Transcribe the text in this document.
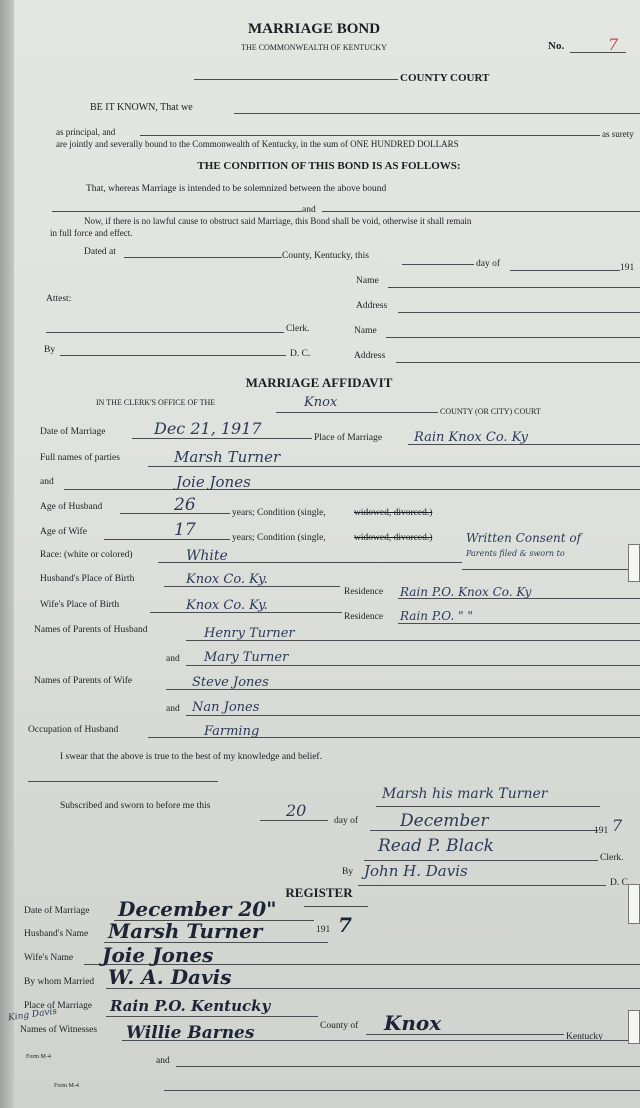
MARRIAGE BOND
THE COMMONWEALTH OF KENTUCKY	No.	7
COUNTY COURT
BE IT KNOWN, That we
as principal, and	as surety
are jointly and severally bound to the Commonwealth of Kentucky, in the sum of ONE HUNDRED DOLLARS
THE CONDITION OF THIS BOND IS AS FOLLOWS:
That, whereas Marriage is intended to be solemnized between the above bound
and
Now, if there is no lawful cause to obstruct said Marriage, this Bond shall be void, otherwise it shall remain
in full force and effect.
Dated at	County, Kentucky, this
day of	191
Name
Attest:
Address
Clerk.	Name
By	D. C.	Address
MARRIAGE AFFIDAVIT
IN THE CLERK'S OFFICE OF THE	Knox
COUNTY (OR CITY) COURT
Date of Marriage	Dec 21, 1917	Place of Marriage Rain Knox Co. Ky
Full names of parties	Marsh Turner
and	Joie Jones
Age of Husband	26	years; Condition (single,	widowed, divorced.)
Age of Wife	17	years; Condition (single,	widowed, divorced.)	Written Consent of
Parents filed & sworn to
Race: (white or colored)	White
Husband's Place of Birth	Knox Co. Ky.
Residence Rain P.O. Knox Co. Ky
Wife's Place of Birth	Knox Co. Ky.
Residence Rain P.O. " "
Names of Parents of Husband	Henry Turner
and Mary Turner
Names of Parents of Wife	Steve Jones
and Nan Jones
Occupation of Husband	Farming
I swear that the above is true to the best of my knowledge and belief.
Marsh his mark Turner
Subscribed and sworn to before me this	20
day of December	191 7
Read P. Black
Clerk.
By John H. Davis
D. C
REGISTER
Date of Marriage December 20"
191 7
Husband's Name Marsh Turner
Wife's Name Joie Jones
By whom Married W. A. Davis
Place of Marriage Rain P.O. Kentucky
County of Knox
Kentucky
King Davis
Names of Witnesses Willie Barnes
Form M-4	and
Form M-4
